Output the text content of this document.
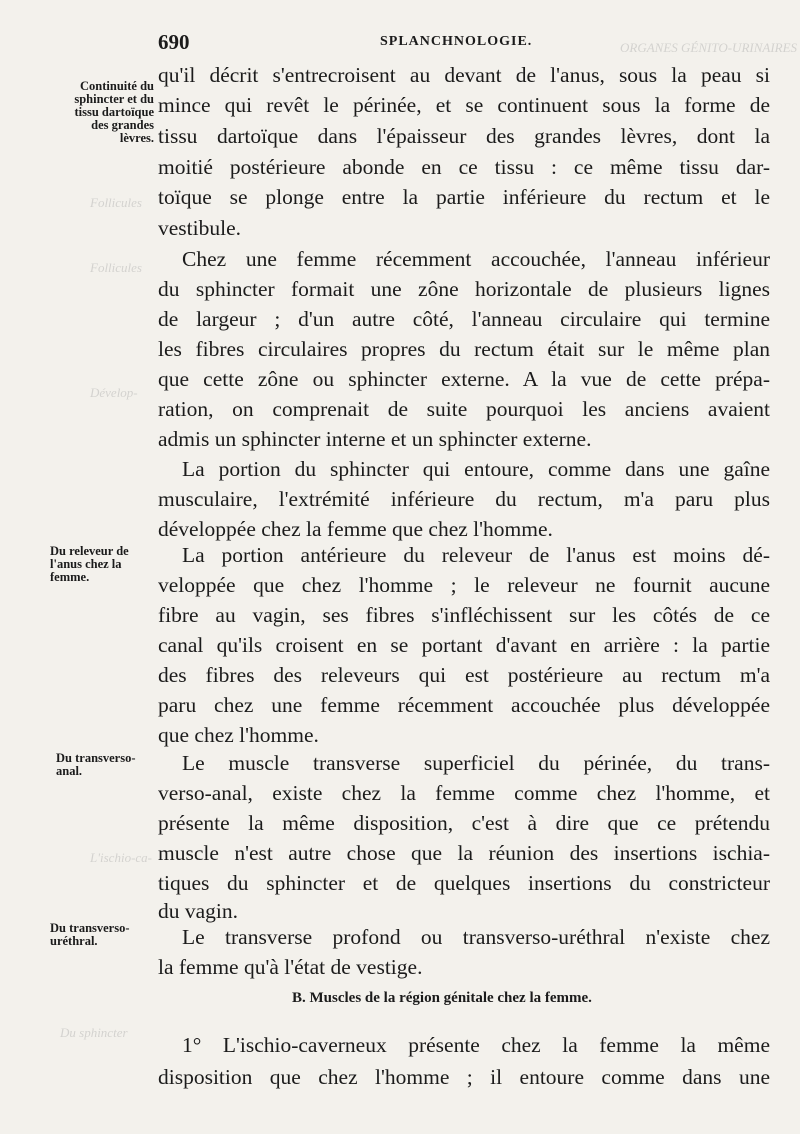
ORGANES GÉNITO-URINAIRES
Follicules
Follicules
Dévelop-
L'ischio-ca-
Du sphincter
690	SPLANCHNOLOGIE.
Continuité du sphincter et du tissu dartoïque des grandes lèvres.
Du releveur de l'anus chez la femme.
Du transverso-anal.
Du transverso-uréthral.
qu'il décrit s'entrecroisent au devant de l'anus, sous la peau si
mince qui revêt le périnée, et se continuent sous la forme de
tissu dartoïque dans l'épaisseur des grandes lèvres, dont la
moitié postérieure abonde en ce tissu : ce même tissu dar-
toïque se plonge entre la partie inférieure du rectum et le
vestibule.
Chez une femme récemment accouchée, l'anneau inférieur
du sphincter formait une zône horizontale de plusieurs lignes
de largeur ; d'un autre côté, l'anneau circulaire qui termine
les fibres circulaires propres du rectum était sur le même plan
que cette zône ou sphincter externe. A la vue de cette prépa-
ration, on comprenait de suite pourquoi les anciens avaient
admis un sphincter interne et un sphincter externe.
La portion du sphincter qui entoure, comme dans une gaîne
musculaire, l'extrémité inférieure du rectum, m'a paru plus
développée chez la femme que chez l'homme.
La portion antérieure du releveur de l'anus est moins dé-
veloppée que chez l'homme ; le releveur ne fournit aucune
fibre au vagin, ses fibres s'infléchissent sur les côtés de ce
canal qu'ils croisent en se portant d'avant en arrière : la partie
des fibres des releveurs qui est postérieure au rectum m'a
paru chez une femme récemment accouchée plus développée
que chez l'homme.
Le muscle transverse superficiel du périnée, du trans-
verso-anal, existe chez la femme comme chez l'homme, et
présente la même disposition, c'est à dire que ce prétendu
muscle n'est autre chose que la réunion des insertions ischia-
tiques du sphincter et de quelques insertions du constricteur
du vagin.
Le transverse profond ou transverso-uréthral n'existe chez
la femme qu'à l'état de vestige.
B. Muscles de la région génitale chez la femme.
1° L'ischio-caverneux présente chez la femme la même
disposition que chez l'homme ; il entoure comme dans une
